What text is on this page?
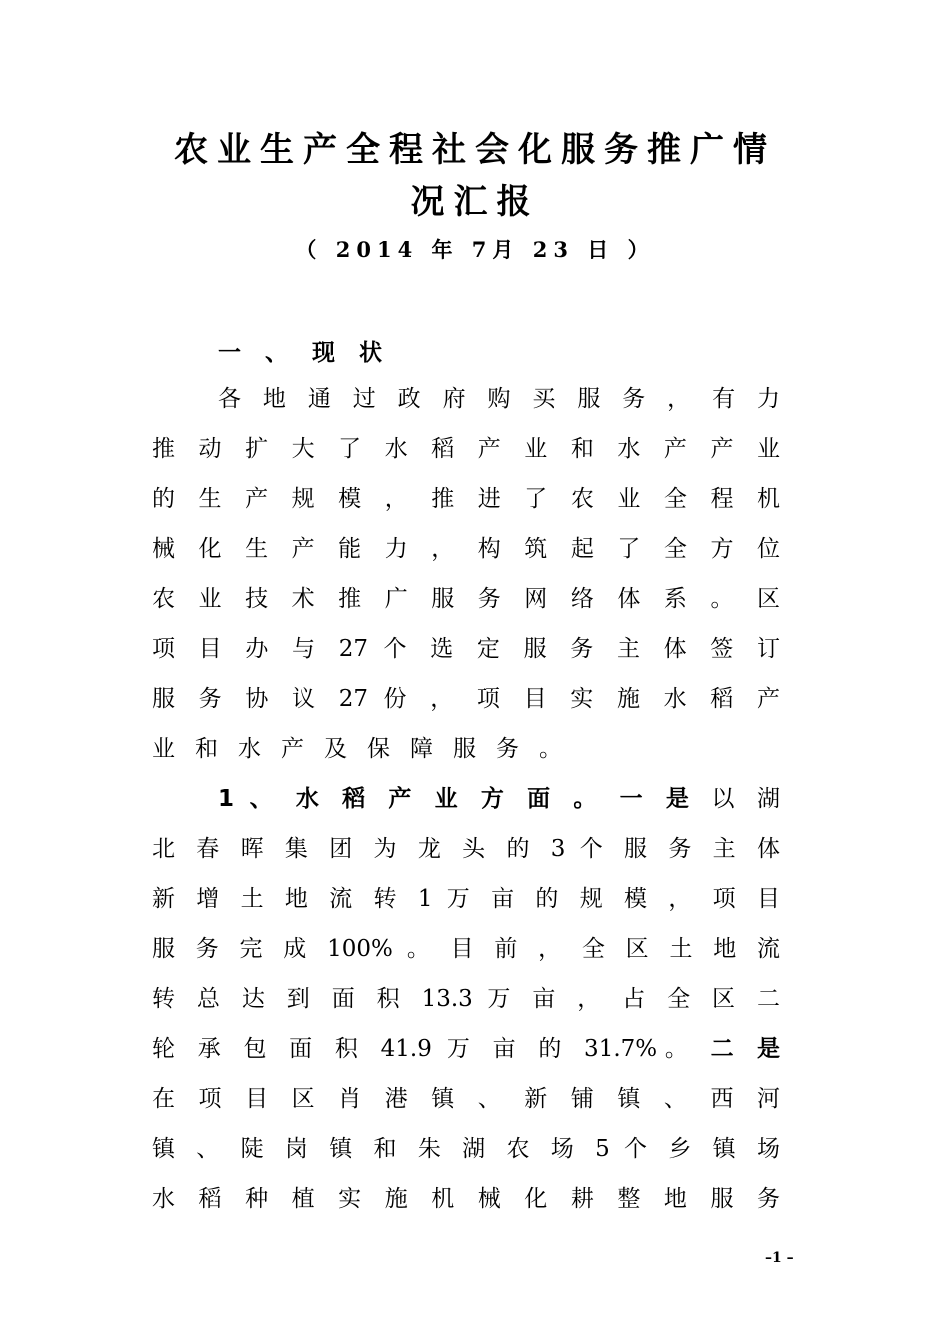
农业生产全程社会化服务推广情
况汇报
（ 2014 年 7月 23 日 ）
一 、 现 状
各 地 通 过 政 府 购 买 服 务 ， 有 力
推 动 扩 大 了 水 稻 产 业 和 水 产 产 业
的 生 产 规 模 ， 推 进 了 农 业 全 程 机
械 化 生 产 能 力 ， 构 筑 起 了 全 方 位
农 业 技 术 推 广 服 务 网 络 体 系 。 区
项 目 办 与 27 个 选 定 服 务 主 体 签 订
服 务 协 议 27 份 ， 项 目 实 施 水 稻 产
业和水产及保障服务。
1 、 水 稻 产 业 方 面 。 一 是 以 湖
北 春 晖 集 团 为 龙 头 的 3 个 服 务 主 体
新 增 土 地 流 转 1 万 亩 的 规 模 ， 项 目
服 务 完 成 100% 。 目 前 ， 全 区 土 地 流
转 总 达 到 面 积 13.3 万 亩 ， 占 全 区 二
轮 承 包 面 积 41.9 万 亩 的 31.7%。 二 是
在 项 目 区 肖 港 镇 、 新 铺 镇 、 西 河
镇 、 陡 岗 镇 和 朱 湖 农 场 5 个 乡 镇 场
水 稻 种 植 实 施 机 械 化 耕 整 地 服 务
–1 –
